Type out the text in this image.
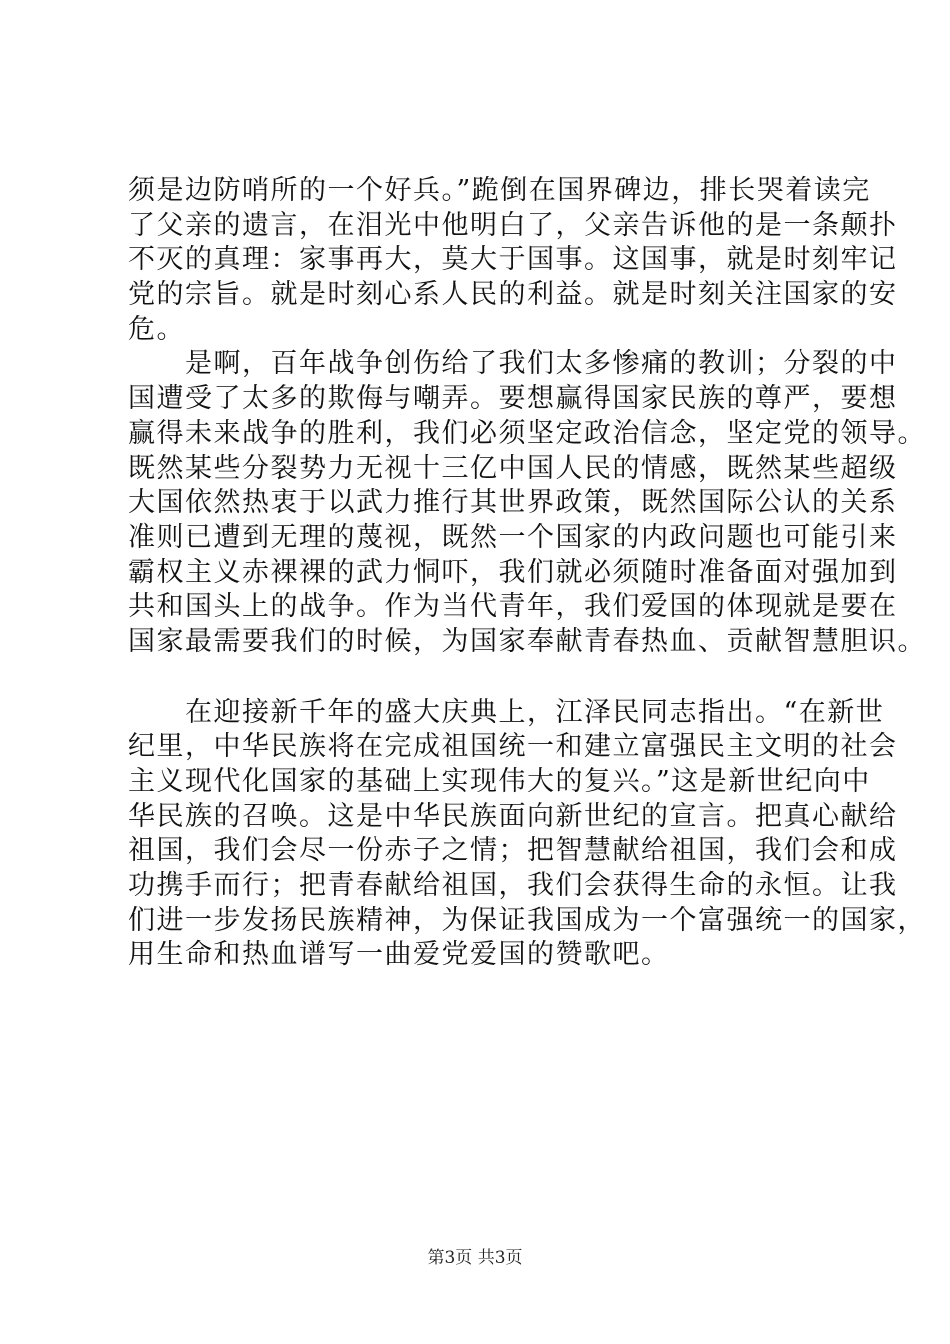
须是边防哨所的一个好兵。”跪倒在国界碑边，排长哭着读完
了父亲的遗言，在泪光中他明白了，父亲告诉他的是一条颠扑
不灭的真理：家事再大，莫大于国事。这国事，就是时刻牢记
党的宗旨。就是时刻心系人民的利益。就是时刻关注国家的安
危。
　　是啊，百年战争创伤给了我们太多惨痛的教训；分裂的中
国遭受了太多的欺侮与嘲弄。要想赢得国家民族的尊严，要想
赢得未来战争的胜利，我们必须坚定政治信念，坚定党的领导。
既然某些分裂势力无视十三亿中国人民的情感，既然某些超级
大国依然热衷于以武力推行其世界政策，既然国际公认的关系
准则已遭到无理的蔑视，既然一个国家的内政问题也可能引来
霸权主义赤裸裸的武力恫吓，我们就必须随时准备面对强加到
共和国头上的战争。作为当代青年，我们爱国的体现就是要在
国家最需要我们的时候，为国家奉献青春热血、贡献智慧胆识。
　　在迎接新千年的盛大庆典上，江泽民同志指出。“在新世
纪里，中华民族将在完成祖国统一和建立富强民主文明的社会
主义现代化国家的基础上实现伟大的复兴。”这是新世纪向中
华民族的召唤。这是中华民族面向新世纪的宣言。把真心献给
祖国，我们会尽一份赤子之情；把智慧献给祖国，我们会和成
功携手而行；把青春献给祖国，我们会获得生命的永恒。让我
们进一步发扬民族精神，为保证我国成为一个富强统一的国家，
用生命和热血谱写一曲爱党爱国的赞歌吧。
第3页 共3页
